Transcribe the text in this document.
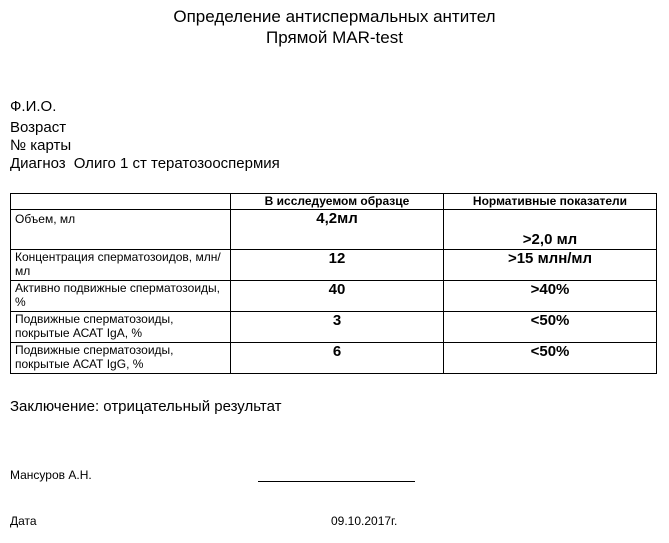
Определение антиспермальных антител
Прямой MAR-test
Ф.И.О.
Возраст
№ карты
Диагноз Олиго 1 ст тератозооспермия
	В исследуемом образце	Нормативные показатели
Объем, мл	4,2мл	>2,0 мл
Концентрация сперматозоидов, млн/мл	12	>15 млн/мл
Активно подвижные сперматозоиды, %	40	>40%
Подвижные сперматозоиды, покрытые АСАТ IgA, %	3	<50%
Подвижные сперматозоиды, покрытые АСАТ IgG, %	6	<50%
Заключение: отрицательный результат
Мансуров А.Н.
Дата	09.10.2017г.
